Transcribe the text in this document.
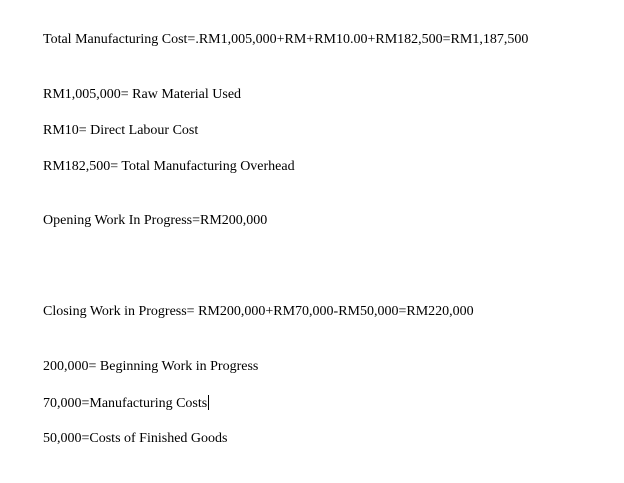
Total Manufacturing Cost=.RM1,005,000+RM+RM10.00+RM182,500=RM1,187,500
RM1,005,000= Raw Material Used
RM10= Direct Labour Cost
RM182,500= Total Manufacturing Overhead
Opening Work In Progress=RM200,000
Closing Work in Progress= RM200,000+RM70,000-RM50,000=RM220,000
200,000= Beginning Work in Progress
70,000=Manufacturing Costs
50,000=Costs of Finished Goods
